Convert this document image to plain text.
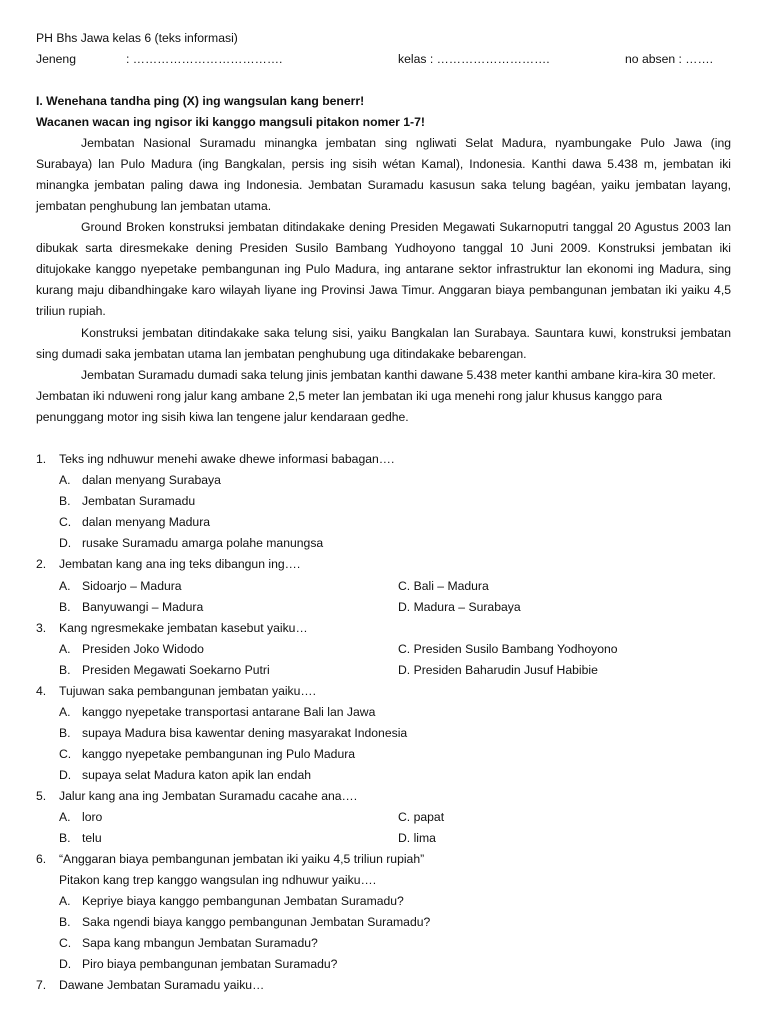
PH Bhs Jawa kelas 6 (teks informasi)
Jeneng	: ……………………………….	kelas : ……………………….	no absen : …….
I. Wenehana tandha ping (X) ing wangsulan kang benerr!
Wacanen wacan ing ngisor iki kanggo mangsuli pitakon nomer 1-7!
Jembatan Nasional Suramadu minangka jembatan sing ngliwati Selat Madura, nyambungake Pulo Jawa (ing
Surabaya) lan Pulo Madura (ing Bangkalan, persis ing sisih wétan Kamal), Indonesia. Kanthi dawa 5.438 m, jembatan iki
minangka jembatan paling dawa ing Indonesia. Jembatan Suramadu kasusun saka telung bagéan, yaiku jembatan layang,
jembatan penghubung lan jembatan utama.
Ground Broken konstruksi jembatan ditindakake dening Presiden Megawati Sukarnoputri tanggal 20 Agustus 2003 lan
dibukak sarta diresmekake dening Presiden Susilo Bambang Yudhoyono tanggal 10 Juni 2009. Konstruksi jembatan iki
ditujokake kanggo nyepetake pembangunan ing Pulo Madura, ing antarane sektor infrastruktur lan ekonomi ing Madura, sing
kurang maju dibandhingake karo wilayah liyane ing Provinsi Jawa Timur. Anggaran biaya pembangunan jembatan iki yaiku 4,5
triliun rupiah.
Konstruksi jembatan ditindakake saka telung sisi, yaiku Bangkalan lan Surabaya. Sauntara kuwi, konstruksi jembatan
sing dumadi saka jembatan utama lan jembatan penghubung uga ditindakake bebarengan.
Jembatan Suramadu dumadi saka telung jinis jembatan kanthi dawane 5.438 meter kanthi ambane kira-kira 30 meter.
Jembatan iki nduweni rong jalur kang ambane 2,5 meter lan jembatan iki uga menehi rong jalur khusus kanggo para
penunggang motor ing sisih kiwa lan tengene jalur kendaraan gedhe.
1. Teks ing ndhuwur menehi awake dhewe informasi babagan….
A. dalan menyang Surabaya
B. Jembatan Suramadu
C. dalan menyang Madura
D. rusake Suramadu amarga polahe manungsa
2. Jembatan kang ana ing teks dibangun ing….
A. Sidoarjo – Madura	C. Bali – Madura
B. Banyuwangi – Madura	D. Madura – Surabaya
3. Kang ngresmekake jembatan kasebut yaiku…
A. Presiden Joko Widodo	C. Presiden Susilo Bambang Yodhoyono
B. Presiden Megawati Soekarno Putri	D. Presiden Baharudin Jusuf Habibie
4. Tujuwan saka pembangunan jembatan yaiku….
A. kanggo nyepetake transportasi antarane Bali lan Jawa
B. supaya Madura bisa kawentar dening masyarakat Indonesia
C. kanggo nyepetake pembangunan ing Pulo Madura
D. supaya selat Madura katon apik lan endah
5. Jalur kang ana ing Jembatan Suramadu cacahe ana….
A. loro	C. papat
B. telu	D. lima
6. “Anggaran biaya pembangunan jembatan iki yaiku 4,5 triliun rupiah”
Pitakon kang trep kanggo wangsulan ing ndhuwur yaiku….
A. Kepriye biaya kanggo pembangunan Jembatan Suramadu?
B. Saka ngendi biaya kanggo pembangunan Jembatan Suramadu?
C. Sapa kang mbangun Jembatan Suramadu?
D. Piro biaya pembangunan jembatan Suramadu?
7. Dawane Jembatan Suramadu yaiku…
